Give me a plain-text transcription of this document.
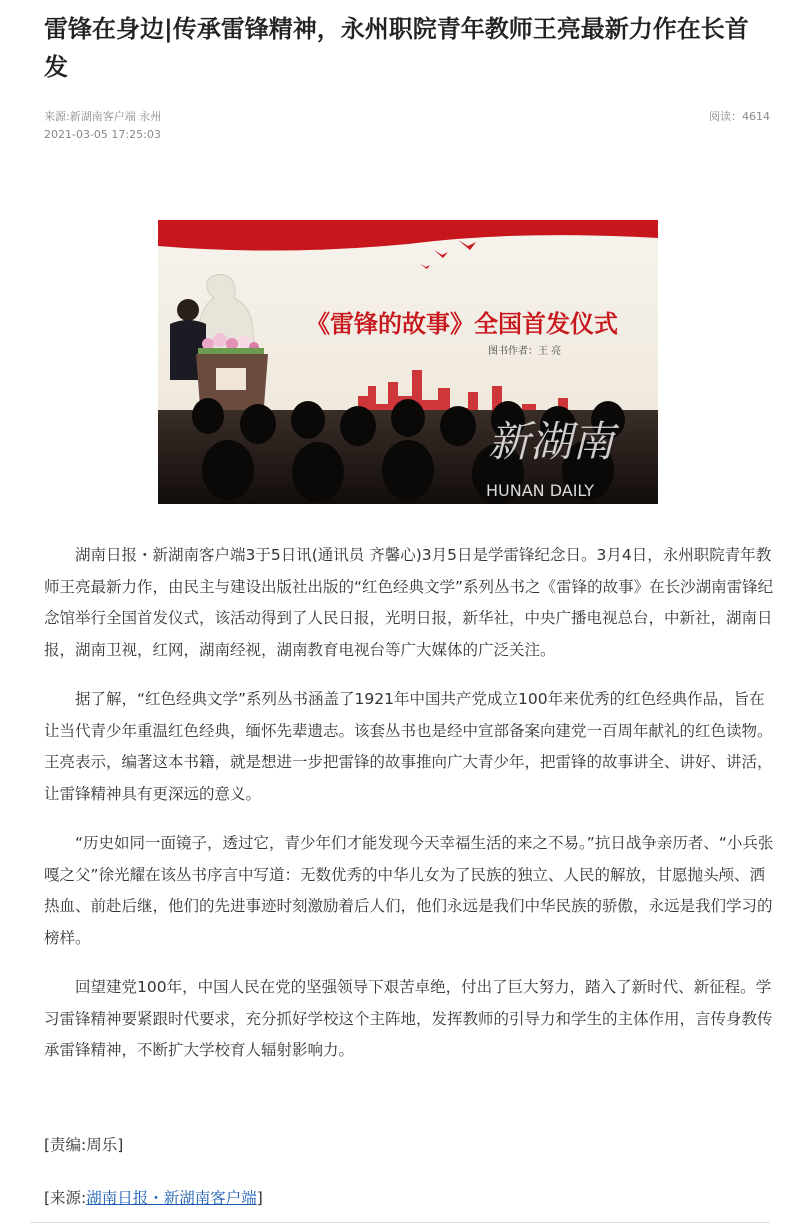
雷锋在身边|传承雷锋精神，永州职院青年教师王亮最新力作在长首发
来源:新湖南客户端 永州
2021-03-05 17:25:03
阅读：4614
雷锋新城学雷锋
《雷锋的故事》全国首发仪式
图书作者：王 亮
新湖南
HUNAN DAILY

湖南日报・新湖南客户端3于5日讯(通讯员 齐馨心)3月5日是学雷锋纪念日。3月4日，永州职院青年教师王亮最新力作，由民主与建设出版社出版的“红色经典文学”系列丛书之《雷锋的故事》在长沙湖南雷锋纪念馆举行全国首发仪式，该活动得到了人民日报，光明日报，新华社，中央广播电视总台，中新社，湖南日报，湖南卫视，红网，湖南经视，湖南教育电视台等广大媒体的广泛关注。

据了解，“红色经典文学”系列丛书涵盖了1921年中国共产党成立100年来优秀的红色经典作品，旨在让当代青少年重温红色经典，缅怀先辈遗志。该套丛书也是经中宣部备案向建党一百周年献礼的红色读物。王亮表示，编著这本书籍，就是想进一步把雷锋的故事推向广大青少年，把雷锋的故事讲全、讲好、讲活，让雷锋精神具有更深远的意义。

“历史如同一面镜子，透过它，青少年们才能发现今天幸福生活的来之不易。”抗日战争亲历者、“小兵张嘎之父”徐光耀在该丛书序言中写道：无数优秀的中华儿女为了民族的独立、人民的解放，甘愿抛头颅、洒热血、前赴后继，他们的先进事迹时刻激励着后人们，他们永远是我们中华民族的骄傲，永远是我们学习的榜样。

回望建党100年，中国人民在党的坚强领导下艰苦卓绝，付出了巨大努力，踏入了新时代、新征程。学习雷锋精神要紧跟时代要求，充分抓好学校这个主阵地，发挥教师的引导力和学生的主体作用，言传身教传承雷锋精神，不断扩大学校育人辐射影响力。

[责编:周乐]
[来源:湖南日报・新湖南客户端]
